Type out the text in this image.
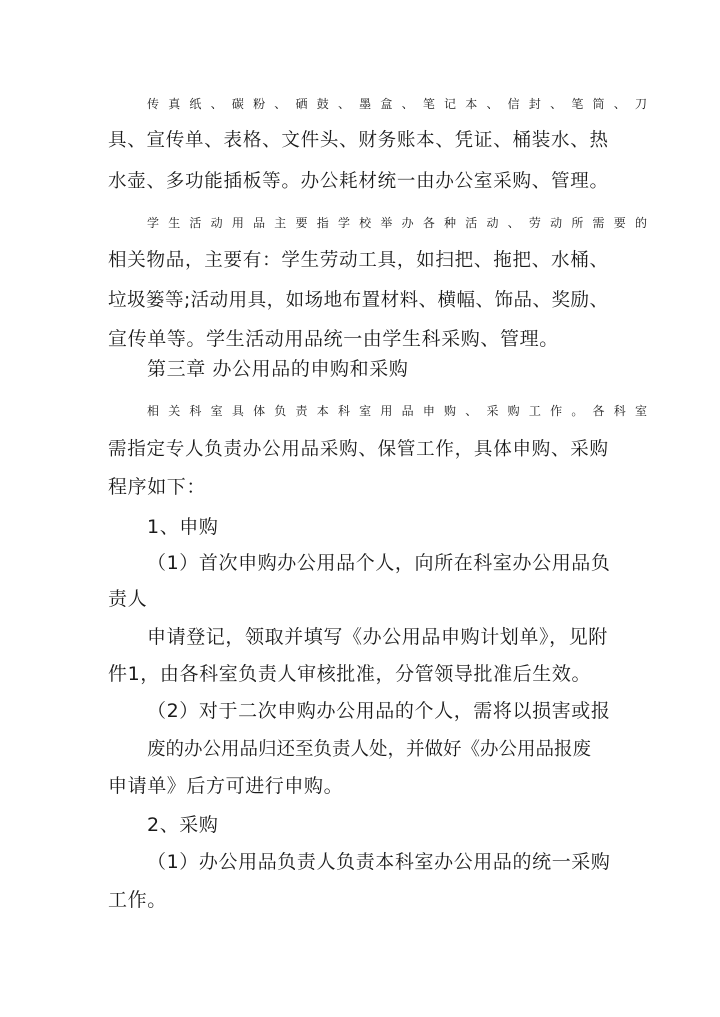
传真纸、碳粉、硒鼓、墨盒、笔记本、信封、笔筒、刀
具、宣传单、表格、文件头、财务账本、凭证、桶装水、热
水壶、多功能插板等。办公耗材统一由办公室采购、管理。
学生活动用品主要指学校举办各种活动、劳动所需要的
相关物品，主要有：学生劳动工具，如扫把、拖把、水桶、
垃圾篓等;活动用具，如场地布置材料、横幅、饰品、奖励、
宣传单等。学生活动用品统一由学生科采购、管理。
第三章 办公用品的申购和采购
相关科室具体负责本科室用品申购、采购工作。各科室
需指定专人负责办公用品采购、保管工作，具体申购、采购
程序如下：
1、申购
（1）首次申购办公用品个人，向所在科室办公用品负
责人
申请登记，领取并填写《办公用品申购计划单》，见附
件1，由各科室负责人审核批准，分管领导批准后生效。
（2）对于二次申购办公用品的个人，需将以损害或报
废的办公用品归还至负责人处，并做好《办公用品报废
申请单》后方可进行申购。
2、采购
（1）办公用品负责人负责本科室办公用品的统一采购
工作。
